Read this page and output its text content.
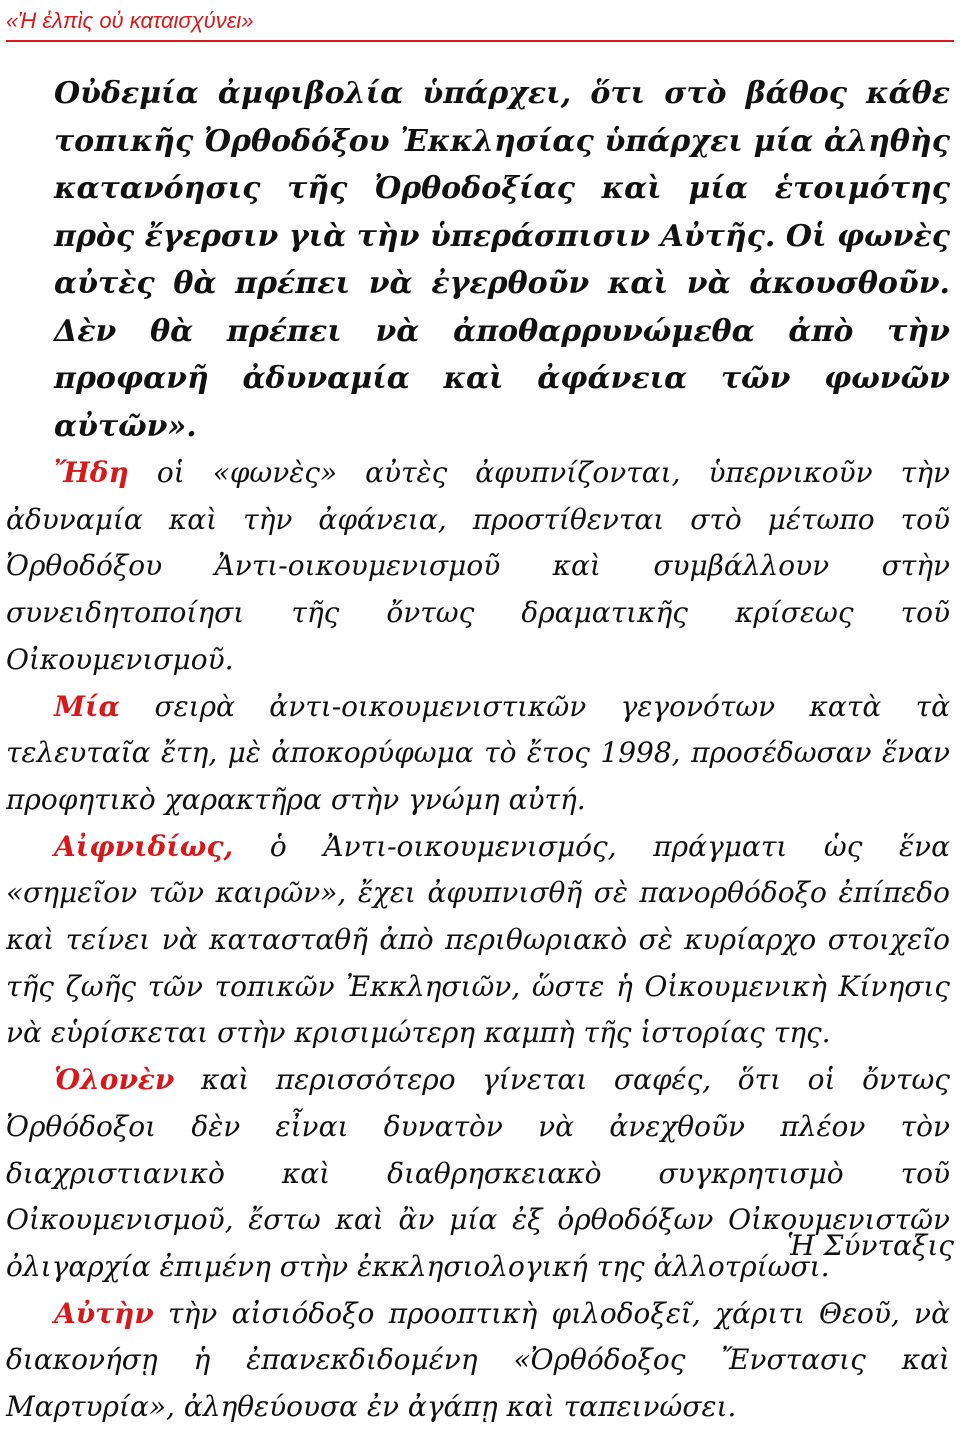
«Ἡ ἐλπὶς οὐ καταισχύνει»

Οὐδεμία ἀμφιβολία ὑπάρχει, ὅτι στὸ βάθος κάθε τοπικῆς Ὀρθοδόξου Ἐκκλησίας ὑπάρχει μία ἀληθὴς κατανόησις τῆς Ὀρθοδοξίας καὶ μία ἑτοιμότης πρὸς ἔγερσιν γιὰ τὴν ὑπεράσπισιν Αὐτῆς. Οἱ φωνὲς αὐτὲς θὰ πρέπει νὰ ἐγερθοῦν καὶ νὰ ἀκουσθοῦν. Δὲν θὰ πρέπει νὰ ἀποθαρρυνώμεθα ἀπὸ τὴν προφανῆ ἀδυναμία καὶ ἀφάνεια τῶν φωνῶν αὐτῶν».

Ἤδη οἱ «φωνὲς» αὐτὲς ἀφυπνίζονται, ὑπερνικοῦν τὴν ἀδυναμία καὶ τὴν ἀφάνεια, προστίθενται στὸ μέτωπο τοῦ Ὀρθοδόξου Ἀντι-οικουμενισμοῦ καὶ συμβάλλουν στὴν συνειδητοποίησι τῆς ὄντως δραματικῆς κρίσεως τοῦ Οἰκουμενισμοῦ.

Μία σειρὰ ἀντι-οικουμενιστικῶν γεγονότων κατὰ τὰ τελευταῖα ἔτη, μὲ ἀποκορύφωμα τὸ ἔτος 1998, προσέδωσαν ἕναν προφητικὸ χαρακτῆρα στὴν γνώμη αὐτή.

Αἰφνιδίως, ὁ Ἀντι-οικουμενισμός, πράγματι ὡς ἕνα «σημεῖον τῶν καιρῶν», ἔχει ἀφυπνισθῆ σὲ πανορθόδοξο ἐπίπεδο καὶ τείνει νὰ κατασταθῆ ἀπὸ περιθωριακὸ σὲ κυρίαρχο στοιχεῖο τῆς ζωῆς τῶν τοπικῶν Ἐκκλησιῶν, ὥστε ἡ Οἰκουμενικὴ Κίνησις νὰ εὑρίσκεται στὴν κρισιμώτερη καμπὴ τῆς ἱστορίας της.

Ὁλονὲν καὶ περισσότερο γίνεται σαφές, ὅτι οἱ ὄντως Ὀρθόδοξοι δὲν εἶναι δυνατὸν νὰ ἀνεχθοῦν πλέον τὸν διαχριστιανικὸ καὶ διαθρησκειακὸ συγκρητισμὸ τοῦ Οἰκουμενισμοῦ, ἔστω καὶ ἂν μία ἐξ ὀρθοδόξων Οἰκουμενιστῶν ὀλιγαρχία ἐπιμένη στὴν ἐκκλησιολογική της ἀλλοτρίωσι.

Αὐτὴν τὴν αἰσιόδοξο προοπτικὴ φιλοδοξεῖ, χάριτι Θεοῦ, νὰ διακονήσῃ ἡ ἐπανεκδιδομένη «Ὀρθόδοξος Ἔνστασις καὶ Μαρτυρία», ἀληθεύουσα ἐν ἀγάπῃ καὶ ταπεινώσει.

Ἡ Σύνταξις
